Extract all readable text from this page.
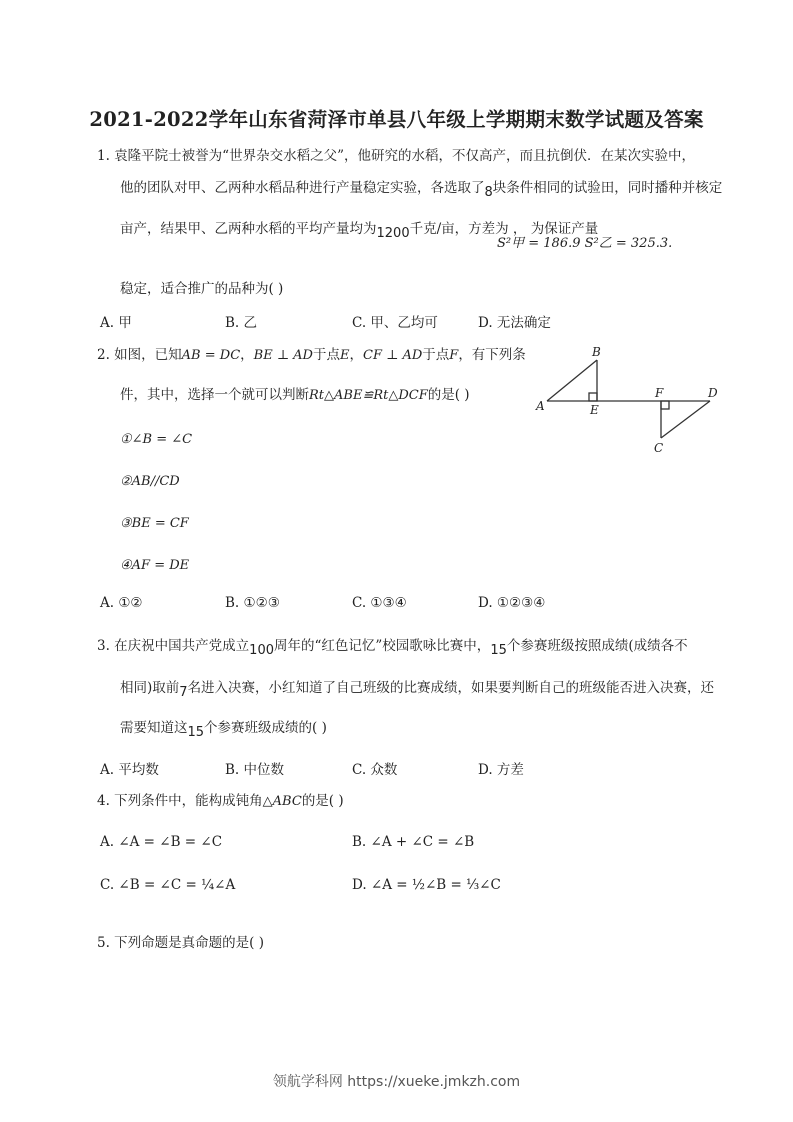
2021-2022学年山东省菏泽市单县八年级上学期期末数学试题及答案
1. 袁隆平院士被誉为“世界杂交水稻之父”，他研究的水稻，不仅高产，而且抗倒伏．在某次实验中，
他的团队对甲、乙两种水稻品种进行产量稳定实验，各选取了8块条件相同的试验田，同时播种并核定
亩产，结果甲、乙两种水稻的平均产量均为1200千克/亩，方差为 ， 为保证产量
S²甲 = 186.9 S²乙 = 325.3.
稳定，适合推广的品种为( )
2. 如图，已知AB = DC，BE ⊥ AD于点E，CF ⊥ AD于点F，有下列条
件，其中，选择一个就可以判断Rt△ABE≌Rt△DCF的是( )
①∠B = ∠C
②AB//CD
③BE = CF
④AF = DE
3. 在庆祝中国共产党成立100周年的“红色记忆”校园歌咏比赛中，15个参赛班级按照成绩(成绩各不
相同)取前7名进入决赛，小红知道了自己班级的比赛成绩，如果要判断自己的班级能否进入决赛，还
需要知道这15个参赛班级成绩的( )
4. 下列条件中，能构成钝角△ABC的是( )
5. 下列命题是真命题的是( )
A. 甲	B. 乙	C. 甲、乙均可	D. 无法确定
A. ①②	B. ①②③	C. ①③④	D. ①②③④
A. 平均数	B. 中位数	C. 众数	D. 方差
A. ∠A = ∠B = ∠C	B. ∠A + ∠C = ∠B
C. ∠B = ∠C = ¼∠A	D. ∠A = ½∠B = ⅓∠C
A
B
E
F	D
C
领航学科网 https://xueke.jmkzh.com
